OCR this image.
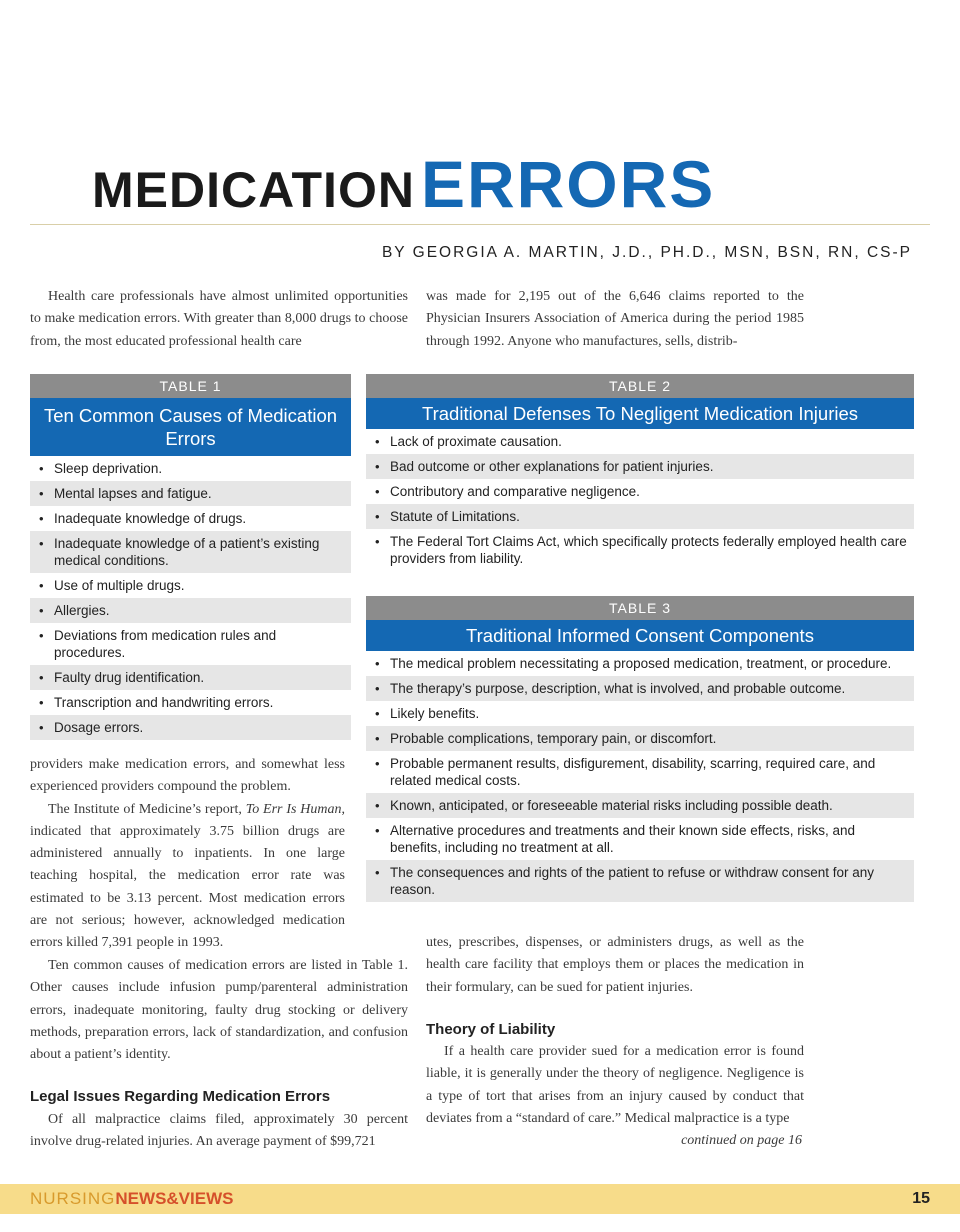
MEDICATIONERRORS
BY GEORGIA A. MARTIN, J.D., PH.D., MSN, BSN, RN, CS-P

Health care professionals have almost unlimited opportunities to make medication errors. With greater than 8,000 drugs to choose from, the most educated professional health care

was made for 2,195 out of the 6,646 claims reported to the Physician Insurers Association of America during the period 1985 through 1992. Anyone who manufactures, sells, distrib-

TABLE 1
Ten Common Causes of Medication Errors
• Sleep deprivation.
• Mental lapses and fatigue.
• Inadequate knowledge of drugs.
• Inadequate knowledge of a patient’s existing medical conditions.
• Use of multiple drugs.
• Allergies.
• Deviations from medication rules and procedures.
• Faulty drug identification.
• Transcription and handwriting errors.
• Dosage errors.
TABLE 2
Traditional Defenses To Negligent Medication Injuries
• Lack of proximate causation.
• Bad outcome or other explanations for patient injuries.
• Contributory and comparative negligence.
• Statute of Limitations.
• The Federal Tort Claims Act, which specifically protects federally employed health care providers from liability.
TABLE 3
Traditional Informed Consent Components
• The medical problem necessitating a proposed medication, treatment, or procedure.
• The therapy’s purpose, description, what is involved, and probable outcome.
• Likely benefits.
• Probable complications, temporary pain, or discomfort.
• Probable permanent results, disfigurement, disability, scarring, required care, and related medical costs.
• Known, anticipated, or foreseeable material risks including possible death.
• Alternative procedures and treatments and their known side effects, risks, and benefits, including no treatment at all.
• The consequences and rights of the patient to refuse or withdraw consent for any reason.

providers make medication errors, and somewhat less experienced providers compound the problem.

The Institute of Medicine’s report, To Err Is Human, indicated that approximately 3.75 billion drugs are administered annually to inpatients. In one large teaching hospital, the medication error rate was estimated to be 3.13 percent. Most medication errors are not serious; however, acknowledged medication errors killed 7,391 people in 1993.

Ten common causes of medication errors are listed in Table 1. Other causes include infusion pump/parenteral administration errors, inadequate monitoring, faulty drug stocking or delivery methods, preparation errors, lack of standardization, and confusion about a patient’s identity.

Legal Issues Regarding Medication Errors

Of all malpractice claims filed, approximately 30 percent involve drug-related injuries. An average payment of $99,721

utes, prescribes, dispenses, or administers drugs, as well as the health care facility that employs them or places the medication in their formulary, can be sued for patient injuries.

Theory of Liability

If a health care provider sued for a medication error is found liable, it is generally under the theory of negligence. Negligence is a type of tort that arises from an injury caused by conduct that deviates from a “standard of care.” Medical malpractice is a type

continued on page 16
NURSINGNEWS&VIEWS	15
